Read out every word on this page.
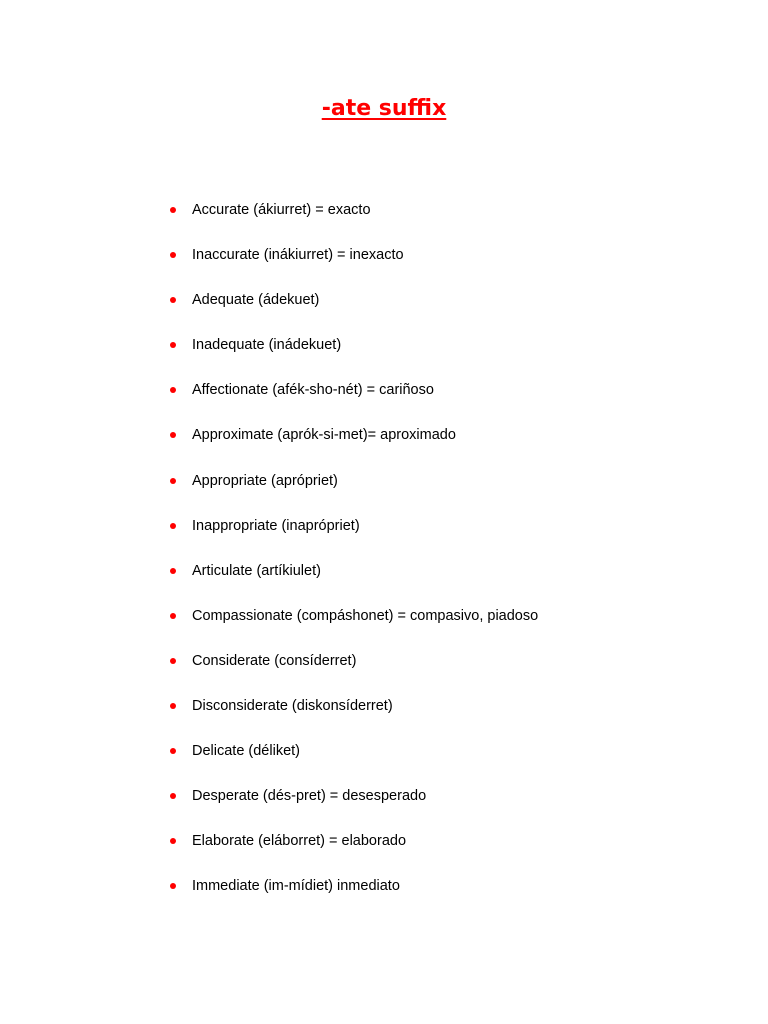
-ate suffix
Accurate (ákiurret) = exacto
Inaccurate (inákiurret) = inexacto
Adequate (ádekuet)
Inadequate (inádekuet)
Affectionate (afék-sho-nét) = cariñoso
Approximate (aprók-si-met)= aproximado
Appropriate (aprópriet)
Inappropriate (inaprópriet)
Articulate (artíkiulet)
Compassionate (compáshonet) = compasivo, piadoso
Considerate (consíderret)
Disconsiderate (diskonsíderret)
Delicate (déliket)
Desperate (dés-pret) = desesperado
Elaborate (eláborret) = elaborado
Immediate (im-mídiet) inmediato
